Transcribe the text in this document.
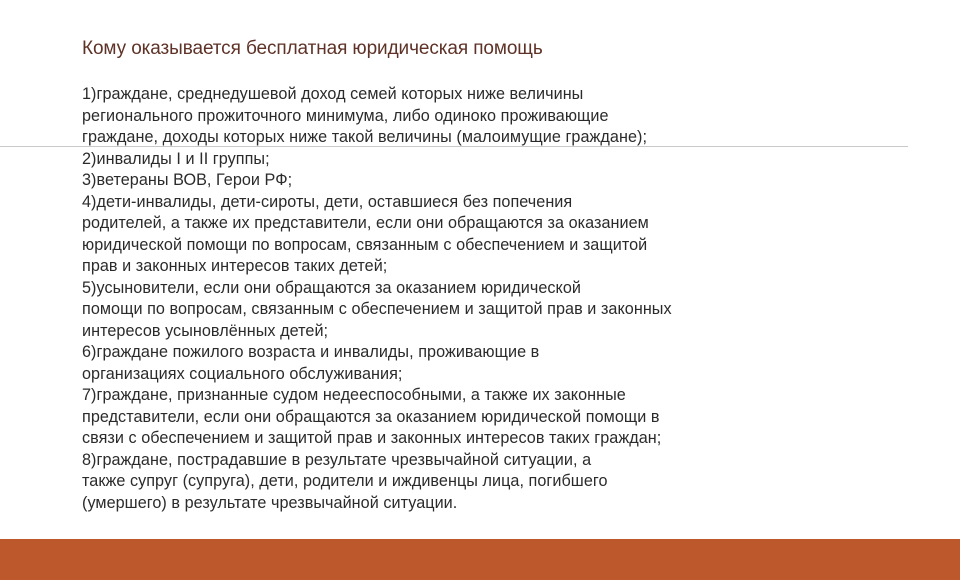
Кому оказывается бесплатная юридическая помощь
1)граждане, среднедушевой доход семей которых ниже величины
регионального прожиточного минимума, либо одиноко проживающие
граждане, доходы которых ниже такой величины (малоимущие граждане);
2)инвалиды I и II группы;
3)ветераны ВОВ, Герои РФ;
4)дети-инвалиды, дети-сироты, дети, оставшиеся без попечения
родителей, а также их представители, если они обращаются за оказанием
юридической помощи по вопросам, связанным с обеспечением и защитой
прав и законных интересов таких детей;
5)усыновители, если они обращаются за оказанием юридической
помощи по вопросам, связанным с обеспечением и защитой прав и законных
интересов усыновлённых детей;
6)граждане пожилого возраста и инвалиды, проживающие в
организациях социального обслуживания;
7)граждане, признанные судом недееспособными, а также их законные
представители, если они обращаются за оказанием юридической помощи в
связи с обеспечением и защитой прав и законных интересов таких граждан;
8)граждане, пострадавшие в результате чрезвычайной ситуации, а
также супруг (супруга), дети, родители и иждивенцы лица, погибшего
(умершего) в результате чрезвычайной ситуации.
